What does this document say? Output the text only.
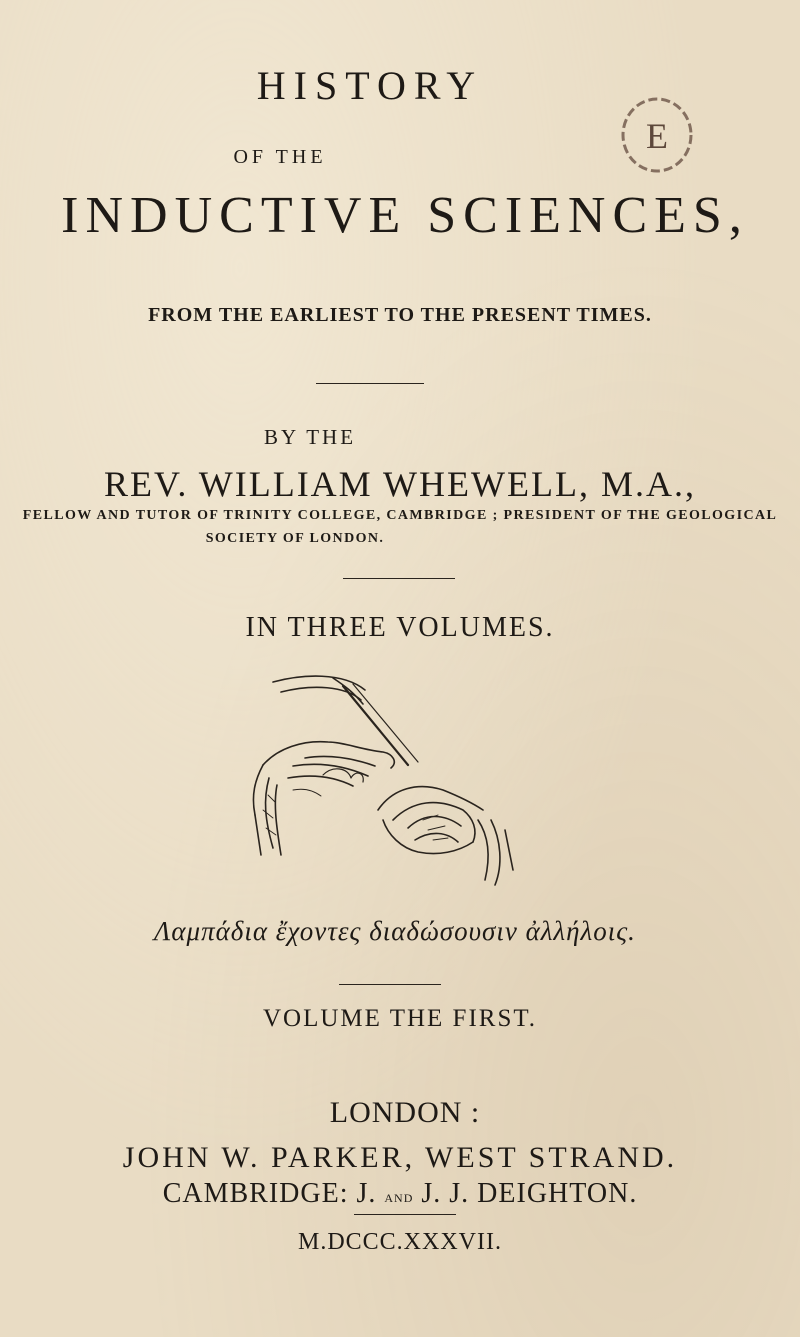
HISTORY
E
OF THE
INDUCTIVE SCIENCES,
FROM THE EARLIEST TO THE PRESENT TIMES.
BY THE
REV. WILLIAM WHEWELL, M.A.,
FELLOW AND TUTOR OF TRINITY COLLEGE, CAMBRIDGE ; PRESIDENT OF THE GEOLOGICAL
SOCIETY OF LONDON.
IN THREE VOLUMES.
Λαμπάδια ἔχοντες διαδώσουσιν ἀλλήλοις.
VOLUME THE FIRST.
LONDON :
JOHN W. PARKER, WEST STRAND.
CAMBRIDGE: J. and J. J. DEIGHTON.
M.DCCC.XXXVII.
